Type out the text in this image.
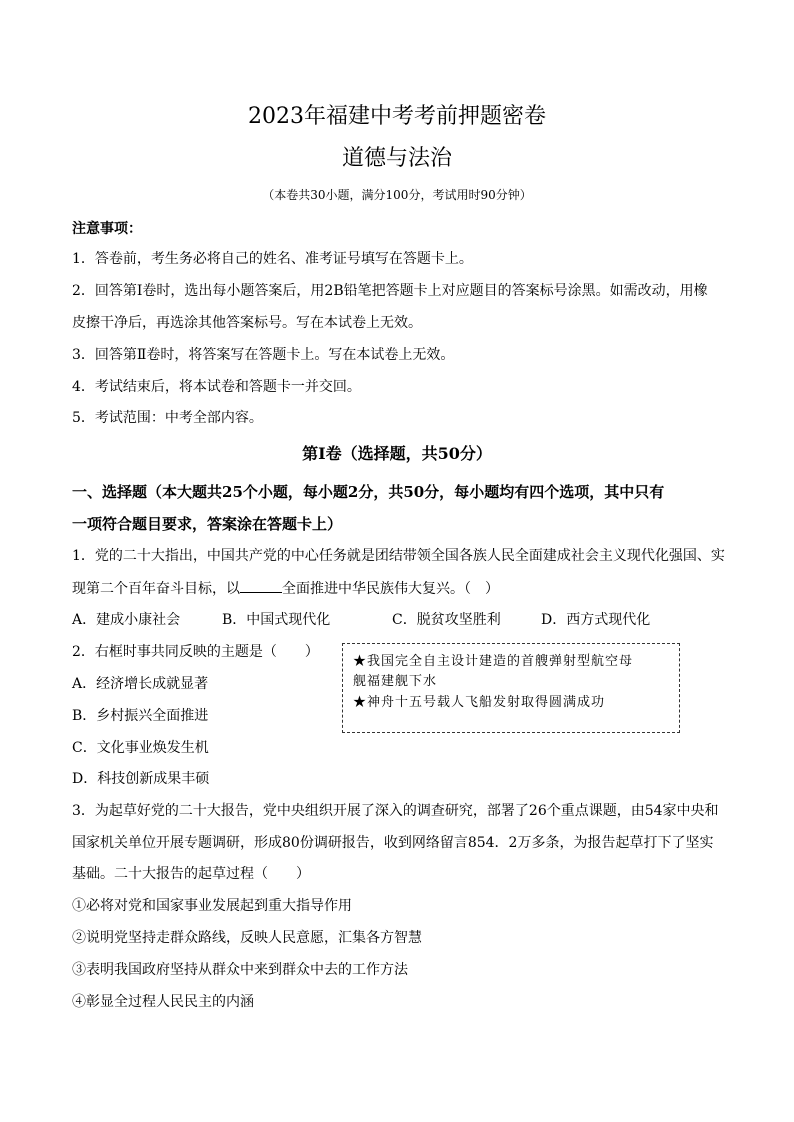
2023年福建中考考前押题密卷
道德与法治
（本卷共30小题，满分100分，考试用时90分钟）
注意事项：
1．答卷前，考生务必将自己的姓名、准考证号填写在答题卡上。
2．回答第Ⅰ卷时，选出每小题答案后，用2B铅笔把答题卡上对应题目的答案标号涂黑。如需改动，用橡
皮擦干净后，再选涂其他答案标号。写在本试卷上无效。
3．回答第Ⅱ卷时，将答案写在答题卡上。写在本试卷上无效。
4．考试结束后，将本试卷和答题卡一并交回。
5．考试范围：中考全部内容。
第Ⅰ卷（选择题，共50分）
一、选择题（本大题共25个小题，每小题2分，共50分，每小题均有四个选项，其中只有
一项符合题目要求，答案涂在答题卡上）
1．党的二十大指出，中国共产党的中心任务就是团结带领全国各族人民全面建成社会主义现代化强国、实
现第二个百年奋斗目标，以	全面推进中华民族伟大复兴。（　）
A．建成小康社会	B．中国式现代化	C．脱贫攻坚胜利	D．西方式现代化
2．右框时事共同反映的主题是（　　）
A．经济增长成就显著
B．乡村振兴全面推进
C．文化事业焕发生机
D．科技创新成果丰硕
★我国完全自主设计建造的首艘弹射型航空母
舰福建舰下水
★神舟十五号载人飞船发射取得圆满成功
3．为起草好党的二十大报告，党中央组织开展了深入的调查研究，部署了26个重点课题，由54家中央和
国家机关单位开展专题调研，形成80份调研报告，收到网络留言854．2万多条，为报告起草打下了坚实
基础。二十大报告的起草过程（　　）
①必将对党和国家事业发展起到重大指导作用
②说明党坚持走群众路线，反映人民意愿，汇集各方智慧
③表明我国政府坚持从群众中来到群众中去的工作方法
④彰显全过程人民民主的内涵
